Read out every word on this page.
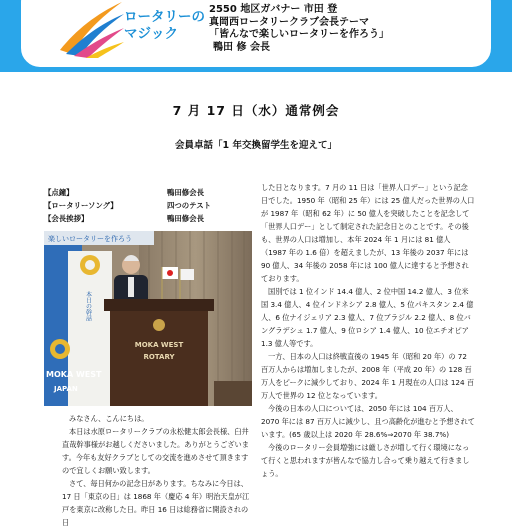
ロータリーの
マジック
2550 地区ガバナー 市田 登
真岡西ロータリークラブ会長テーマ
「皆んなで楽しいロータリーを作ろう」
鴨田 修 会長
7 月 17 日（水）通常例会
会員卓話「1 年交換留学生を迎えて」
【点鐘】	鴨田修会長
【ロータリーソング】	四つのテスト
【会長挨拶】	鴨田修会長
楽しいロータリーを作ろう
本日の幹話
MOKA WEST
JAPAN
MOKA WEST
ROTARY

みなさん、こんにちは。

本日は水原ロータリークラブの永松健太郎会長様、臼井直哉幹事様がお越しくださいました。ありがとうございます。今年も友好クラブとしての交流を進めさせて頂きますので宜しくお願い致します。

さて、毎日何かの記念日があります。ちなみに今日は、17 日「東京の日」は 1868 年（慶応 4 年）明治天皇が江戸を東京に改称した日。昨日 16 日は総務省に開設されの日

した日となります。7 月の 11 日は「世界人口デー」という記念日でした。1950 年（昭和 25 年）には 25 億人だった世界の人口が 1987 年（昭和 62 年）に 50 億人を突破したことを記念して「世界人口デー」として制定された記念日とのことです。その後も、世界の人口は増加し、本年 2024 年 1 月には 81 億人（1987 年の 1.6 倍）を超えましたが、13 年後の 2037 年には 90 億人、34 年後の 2058 年には 100 億人に達すると予想されております。

国別では 1 位インド 14.4 億人、2 位中国 14.2 億人、3 位米国 3.4 億人、4 位インドネシア 2.8 億人、5 位パキスタン 2.4 億人、6 位ナイジェリア 2.3 億人、7 位ブラジル 2.2 億人、8 位バングラデシュ 1.7 億人、9 位ロシア 1.4 億人、10 位エチオピア 1.3 億人等です。

一方、日本の人口は終戦直後の 1945 年（昭和 20 年）の 72 百万人からは増加しましたが、2008 年（平成 20 年）の 128 百万人をピークに減少しており、2024 年 1 月現在の人口は 124 百万人で世界の 12 位となっています。

今後の日本の人口については、2050 年には 104 百万人、2070 年には 87 百万人に減少し、且つ高齢化が進むと予想されています。(65 歳以上は 2020 年 28.6%⇒2070 年 38.7%)

今後のロータリー会員増強には厳しさが増して行く環境になって行くと思われますが皆んなで協力し合って乗り越えて行きましょう。
